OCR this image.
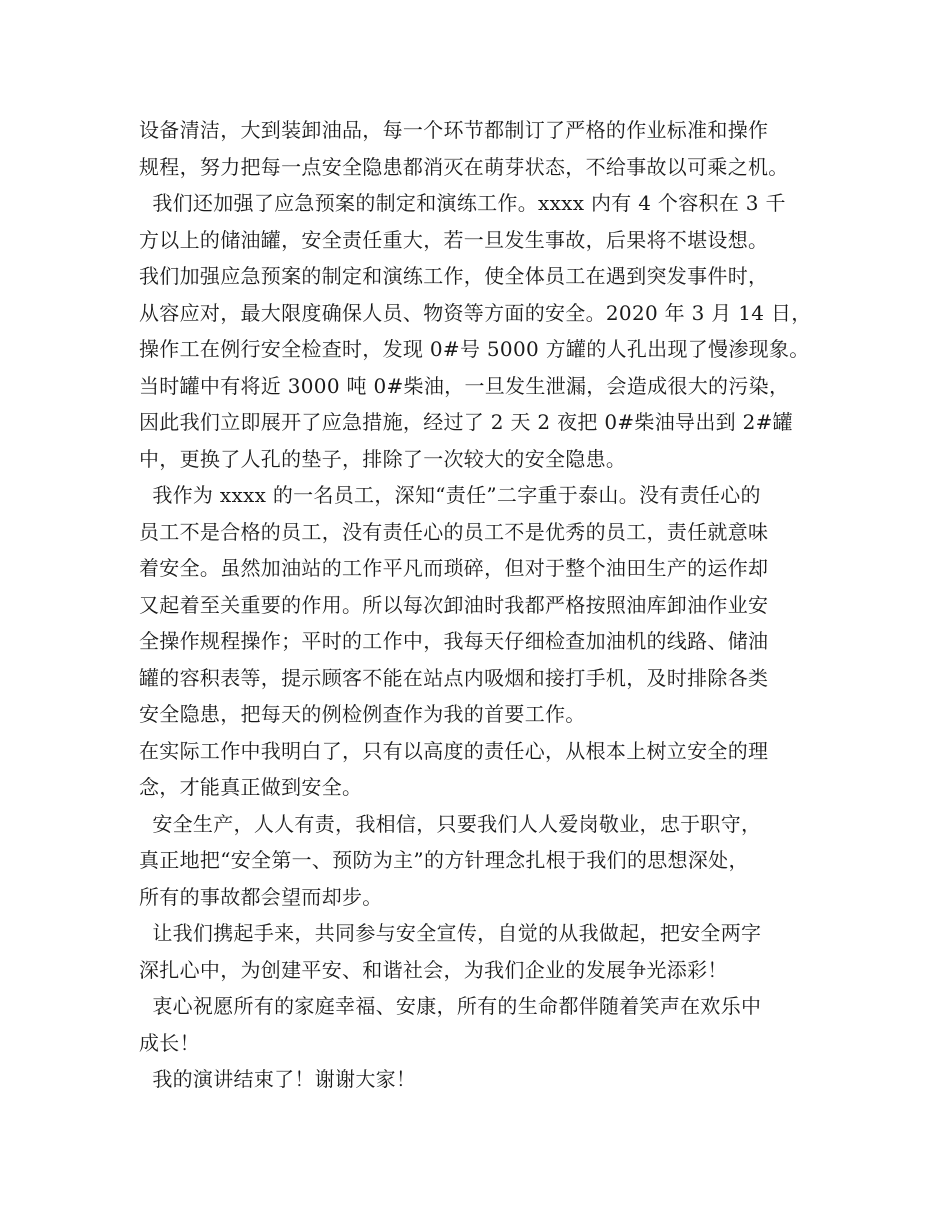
设备清洁，大到装卸油品，每一个环节都制订了严格的作业标准和操作
规程，努力把每一点安全隐患都消灭在萌芽状态，不给事故以可乘之机。
我们还加强了应急预案的制定和演练工作。xxxx 内有 4 个容积在 3 千
方以上的储油罐，安全责任重大，若一旦发生事故，后果将不堪设想。
我们加强应急预案的制定和演练工作，使全体员工在遇到突发事件时，
从容应对，最大限度确保人员、物资等方面的安全。2020 年 3 月 14 日，
操作工在例行安全检查时，发现 0#号 5000 方罐的人孔出现了慢渗现象。
当时罐中有将近 3000 吨 0#柴油，一旦发生泄漏，会造成很大的污染，
因此我们立即展开了应急措施，经过了 2 天 2 夜把 0#柴油导出到 2#罐
中，更换了人孔的垫子，排除了一次较大的安全隐患。
我作为 xxxx 的一名员工，深知“责任”二字重于泰山。没有责任心的
员工不是合格的员工，没有责任心的员工不是优秀的员工，责任就意味
着安全。虽然加油站的工作平凡而琐碎，但对于整个油田生产的运作却
又起着至关重要的作用。所以每次卸油时我都严格按照油库卸油作业安
全操作规程操作；平时的工作中，我每天仔细检查加油机的线路、储油
罐的容积表等，提示顾客不能在站点内吸烟和接打手机，及时排除各类
安全隐患，把每天的例检例查作为我的首要工作。
在实际工作中我明白了，只有以高度的责任心，从根本上树立安全的理
念，才能真正做到安全。
安全生产，人人有责，我相信，只要我们人人爱岗敬业，忠于职守，
真正地把“安全第一、预防为主”的方针理念扎根于我们的思想深处，
所有的事故都会望而却步。
让我们携起手来，共同参与安全宣传，自觉的从我做起，把安全两字
深扎心中，为创建平安、和谐社会，为我们企业的发展争光添彩！
衷心祝愿所有的家庭幸福、安康，所有的生命都伴随着笑声在欢乐中
成长！
我的演讲结束了！谢谢大家！
